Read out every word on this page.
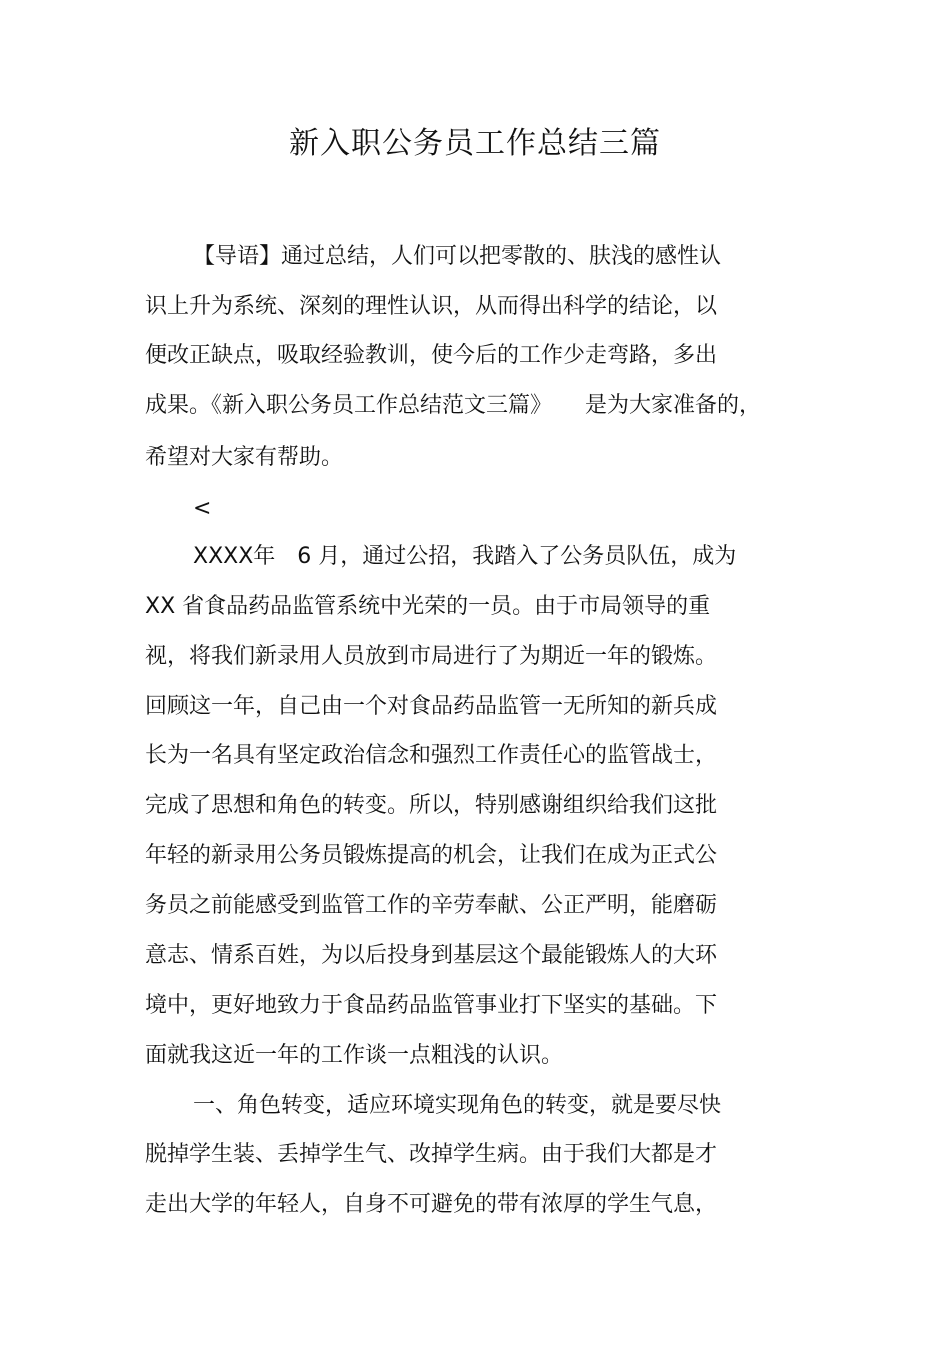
新入职公务员工作总结三篇

【导语】通过总结，人们可以把零散的、肤浅的感性认

识上升为系统、深刻的理性认识，从而得出科学的结论，以

便改正缺点，吸取经验教训，使今后的工作少走弯路，多出

成果。《新入职公务员工作总结范文三篇》　　是为大家准备的，

希望对大家有帮助。

<

XXXX年　6 月，通过公招，我踏入了公务员队伍，成为

XX 省食品药品监管系统中光荣的一员。由于市局领导的重

视，将我们新录用人员放到市局进行了为期近一年的锻炼。

回顾这一年，自己由一个对食品药品监管一无所知的新兵成

长为一名具有坚定政治信念和强烈工作责任心的监管战士，

完成了思想和角色的转变。所以，特别感谢组织给我们这批

年轻的新录用公务员锻炼提高的机会，让我们在成为正式公

务员之前能感受到监管工作的辛劳奉献、公正严明，能磨砺

意志、情系百姓，为以后投身到基层这个最能锻炼人的大环

境中，更好地致力于食品药品监管事业打下坚实的基础。下

面就我这近一年的工作谈一点粗浅的认识。

一、角色转变，适应环境实现角色的转变，就是要尽快

脱掉学生装、丢掉学生气、改掉学生病。由于我们大都是才

走出大学的年轻人，自身不可避免的带有浓厚的学生气息，
